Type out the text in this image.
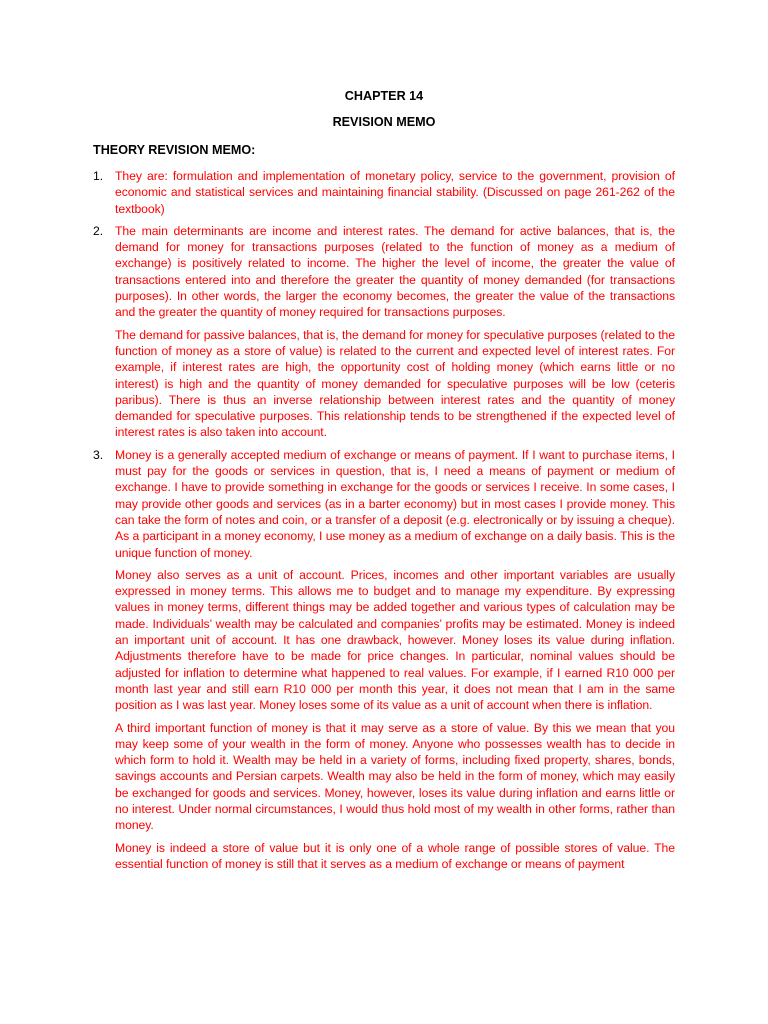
CHAPTER 14
REVISION MEMO
THEORY REVISION MEMO:
1. They are: formulation and implementation of monetary policy, service to the government, provision of economic and statistical services and maintaining financial stability. (Discussed on page 261-262 of the textbook)

2. The main determinants are income and interest rates. The demand for active balances, that is, the demand for money for transactions purposes (related to the function of money as a medium of exchange) is positively related to income. The higher the level of income, the greater the value of transactions entered into and therefore the greater the quantity of money demanded (for transactions purposes). In other words, the larger the economy becomes, the greater the value of the transactions and the greater the quantity of money required for transactions purposes.

The demand for passive balances, that is, the demand for money for speculative purposes (related to the function of money as a store of value) is related to the current and expected level of interest rates. For example, if interest rates are high, the opportunity cost of holding money (which earns little or no interest) is high and the quantity of money demanded for speculative purposes will be low (ceteris paribus). There is thus an inverse relationship between interest rates and the quantity of money demanded for speculative purposes. This relationship tends to be strengthened if the expected level of interest rates is also taken into account.

3. Money is a generally accepted medium of exchange or means of payment. If I want to purchase items, I must pay for the goods or services in question, that is, I need a means of payment or medium of exchange. I have to provide something in exchange for the goods or services I receive. In some cases, I may provide other goods and services (as in a barter economy) but in most cases I provide money. This can take the form of notes and coin, or a transfer of a deposit (e.g. electronically or by issuing a cheque). As a participant in a money economy, I use money as a medium of exchange on a daily basis. This is the unique function of money.

Money also serves as a unit of account. Prices, incomes and other important variables are usually expressed in money terms. This allows me to budget and to manage my expenditure. By expressing values in money terms, different things may be added together and various types of calculation may be made. Individuals’ wealth may be calculated and companies’ profits may be estimated. Money is indeed an important unit of account. It has one drawback, however. Money loses its value during inflation. Adjustments therefore have to be made for price changes. In particular, nominal values should be adjusted for inflation to determine what happened to real values. For example, if I earned R10 000 per month last year and still earn R10 000 per month this year, it does not mean that I am in the same position as I was last year. Money loses some of its value as a unit of account when there is inflation.

A third important function of money is that it may serve as a store of value. By this we mean that you may keep some of your wealth in the form of money. Anyone who possesses wealth has to decide in which form to hold it. Wealth may be held in a variety of forms, including fixed property, shares, bonds, savings accounts and Persian carpets. Wealth may also be held in the form of money, which may easily be exchanged for goods and services. Money, however, loses its value during inflation and earns little or no interest. Under normal circumstances, I would thus hold most of my wealth in other forms, rather than money.

Money is indeed a store of value but it is only one of a whole range of possible stores of value. The essential function of money is still that it serves as a medium of exchange or means of payment
